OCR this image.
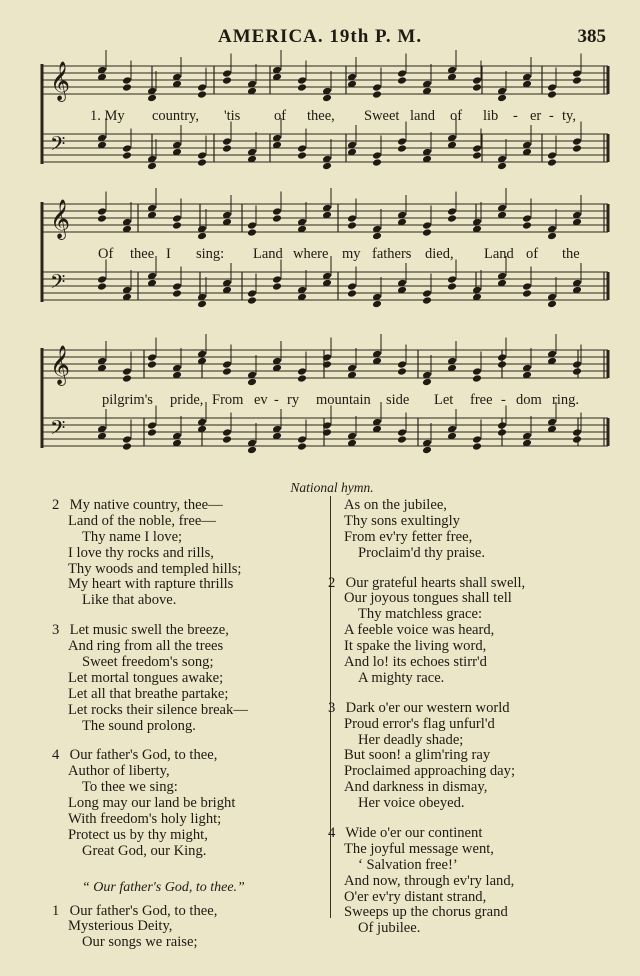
AMERICA. 19th P. M.	385
𝄞
𝄢
1. My country, 'tis of thee, Sweet land of lib - er - ty,
𝄞
𝄢
Of thee I sing: Land where my fathers died, Land of the
𝄞
𝄢
pilgrim's pride, From ev - ry mountain side Let free - dom ring.
National hymn.
2 My native country, thee—
Land of the noble, free—
Thy name I love;
I love thy rocks and rills,
Thy woods and templed hills;
My heart with rapture thrills
Like that above.
3 Let music swell the breeze,
And ring from all the trees
Sweet freedom's song;
Let mortal tongues awake;
Let all that breathe partake;
Let rocks their silence break—
The sound prolong.
4 Our father's God, to thee,
Author of liberty,
To thee we sing:
Long may our land be bright
With freedom's holy light;
Protect us by thy might,
Great God, our King.
“ Our father's God, to thee.”
1 Our father's God, to thee,
Mysterious Deity,
Our songs we raise;
As on the jubilee,
Thy sons exultingly
From ev'ry fetter free,
Proclaim'd thy praise.
2 Our grateful hearts shall swell,
Our joyous tongues shall tell
Thy matchless grace:
A feeble voice was heard,
It spake the living word,
And lo! its echoes stirr'd
A mighty race.
3 Dark o'er our western world
Proud error's flag unfurl'd
Her deadly shade;
But soon! a glim'ring ray
Proclaimed approaching day;
And darkness in dismay,
Her voice obeyed.
4 Wide o'er our continent
The joyful message went,
‘ Salvation free!’
And now, through ev'ry land,
O'er ev'ry distant strand,
Sweeps up the chorus grand
Of jubilee.
